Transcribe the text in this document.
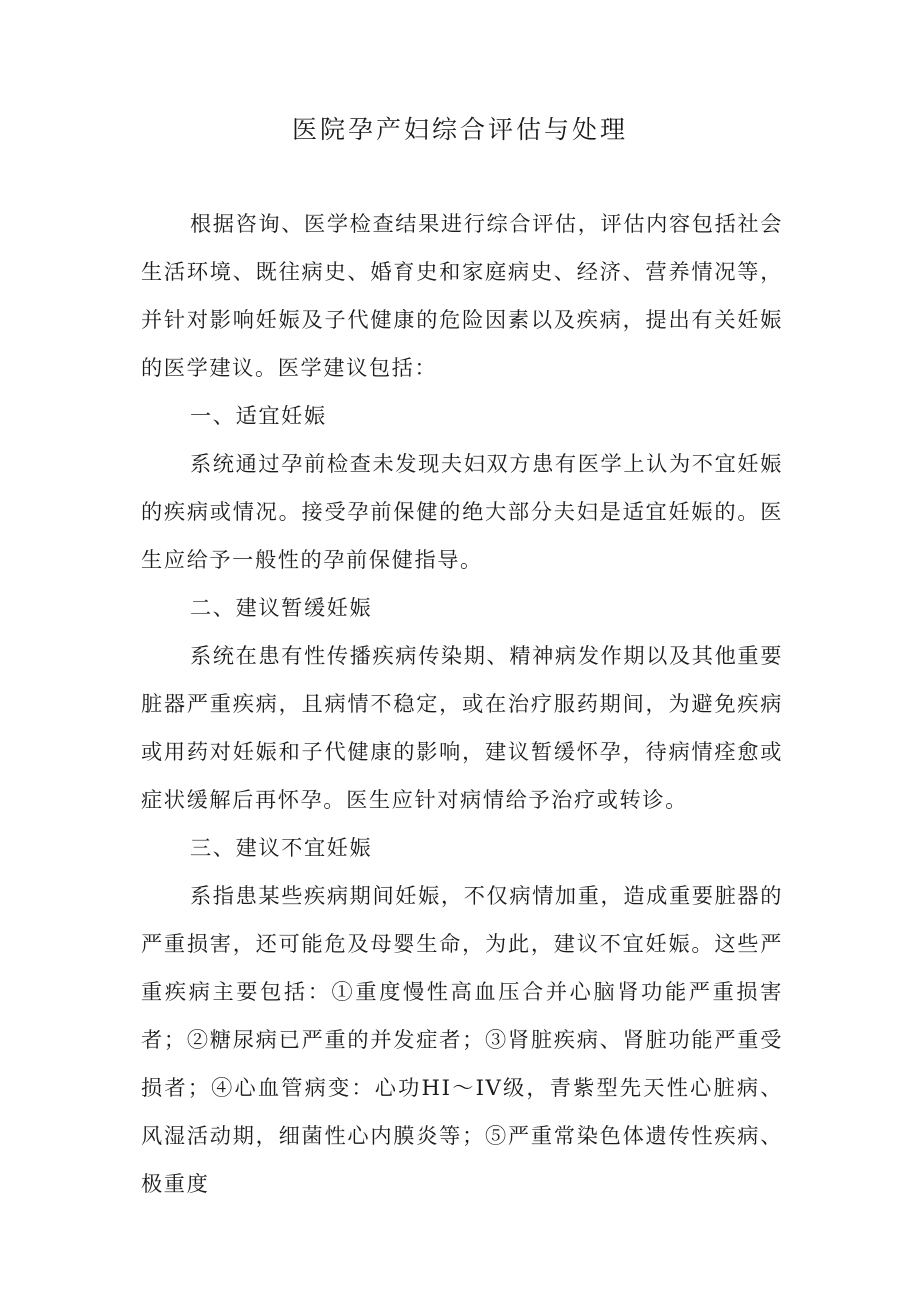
医院孕产妇综合评估与处理

根据咨询、医学检查结果进行综合评估，评估内容包括社会生活环境、既往病史、婚育史和家庭病史、经济、营养情况等，并针对影响妊娠及子代健康的危险因素以及疾病，提出有关妊娠的医学建议。医学建议包括：

一、适宜妊娠

系统通过孕前检查未发现夫妇双方患有医学上认为不宜妊娠的疾病或情况。接受孕前保健的绝大部分夫妇是适宜妊娠的。医生应给予一般性的孕前保健指导。

二、建议暂缓妊娠

系统在患有性传播疾病传染期、精神病发作期以及其他重要脏器严重疾病，且病情不稳定，或在治疗服药期间，为避免疾病或用药对妊娠和子代健康的影响，建议暂缓怀孕，待病情痊愈或症状缓解后再怀孕。医生应针对病情给予治疗或转诊。

三、建议不宜妊娠

系指患某些疾病期间妊娠，不仅病情加重，造成重要脏器的严重损害，还可能危及母婴生命，为此，建议不宜妊娠。这些严重疾病主要包括：①重度慢性高血压合并心脑肾功能严重损害者；②糖尿病已严重的并发症者；③肾脏疾病、肾脏功能严重受损者；④心血管病变：心功HI～IV级，青紫型先天性心脏病、风湿活动期，细菌性心内膜炎等；⑤严重常染色体遗传性疾病、极重度
